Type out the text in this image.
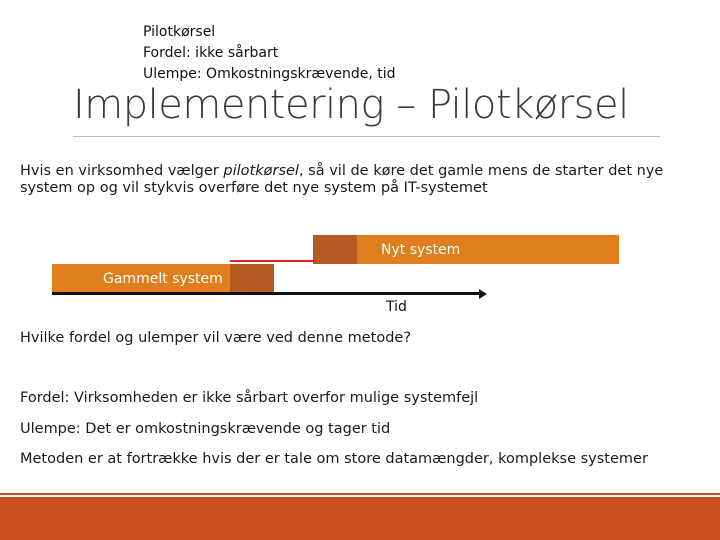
Pilotkørsel
Fordel: ikke sårbart
Ulempe: Omkostningskrævende, tid
Implementering – Pilotkørsel
Hvis en virksomhed vælger pilotkørsel, så vil de køre det gamle mens de starter det nye system op og vil stykvis overføre det nye system på IT-systemet
Nyt system
Gammelt system
Tid
Hvilke fordel og ulemper vil være ved denne metode?
Fordel: Virksomheden er ikke sårbart overfor mulige systemfejl
Ulempe: Det er omkostningskrævende og tager tid
Metoden er at fortrække hvis der er tale om store datamængder, komplekse systemer
